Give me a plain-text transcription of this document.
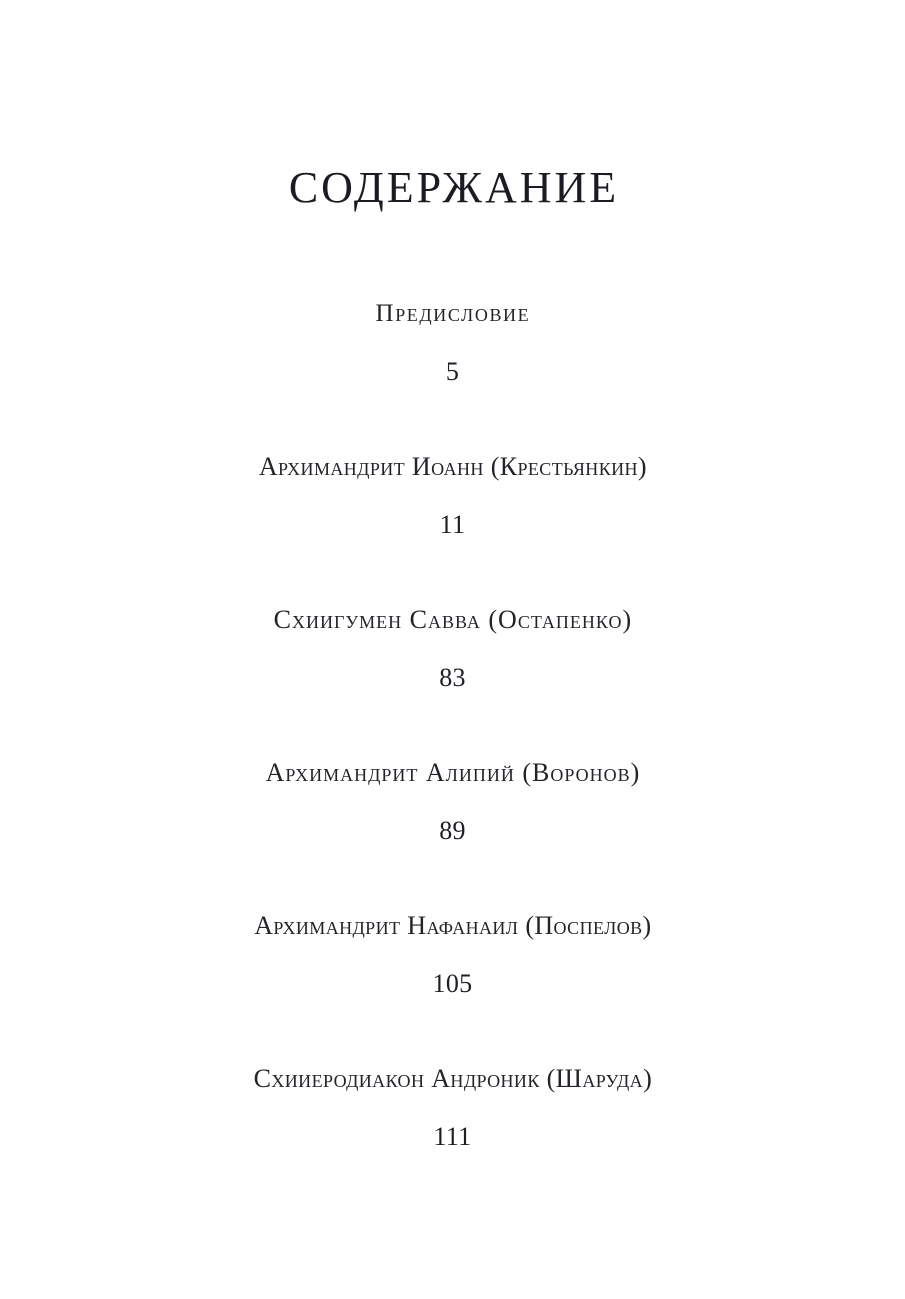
СОДЕРЖАНИЕ
Предисловие
5
Архимандрит Иоанн (Крестьянкин)
11
Схиигумен Савва (Остапенко)
83
Архимандрит Алипий (Воронов)
89
Архимандрит Нафанаил (Поспелов)
105
Схииеродиакон Андроник (Шаруда)
111
